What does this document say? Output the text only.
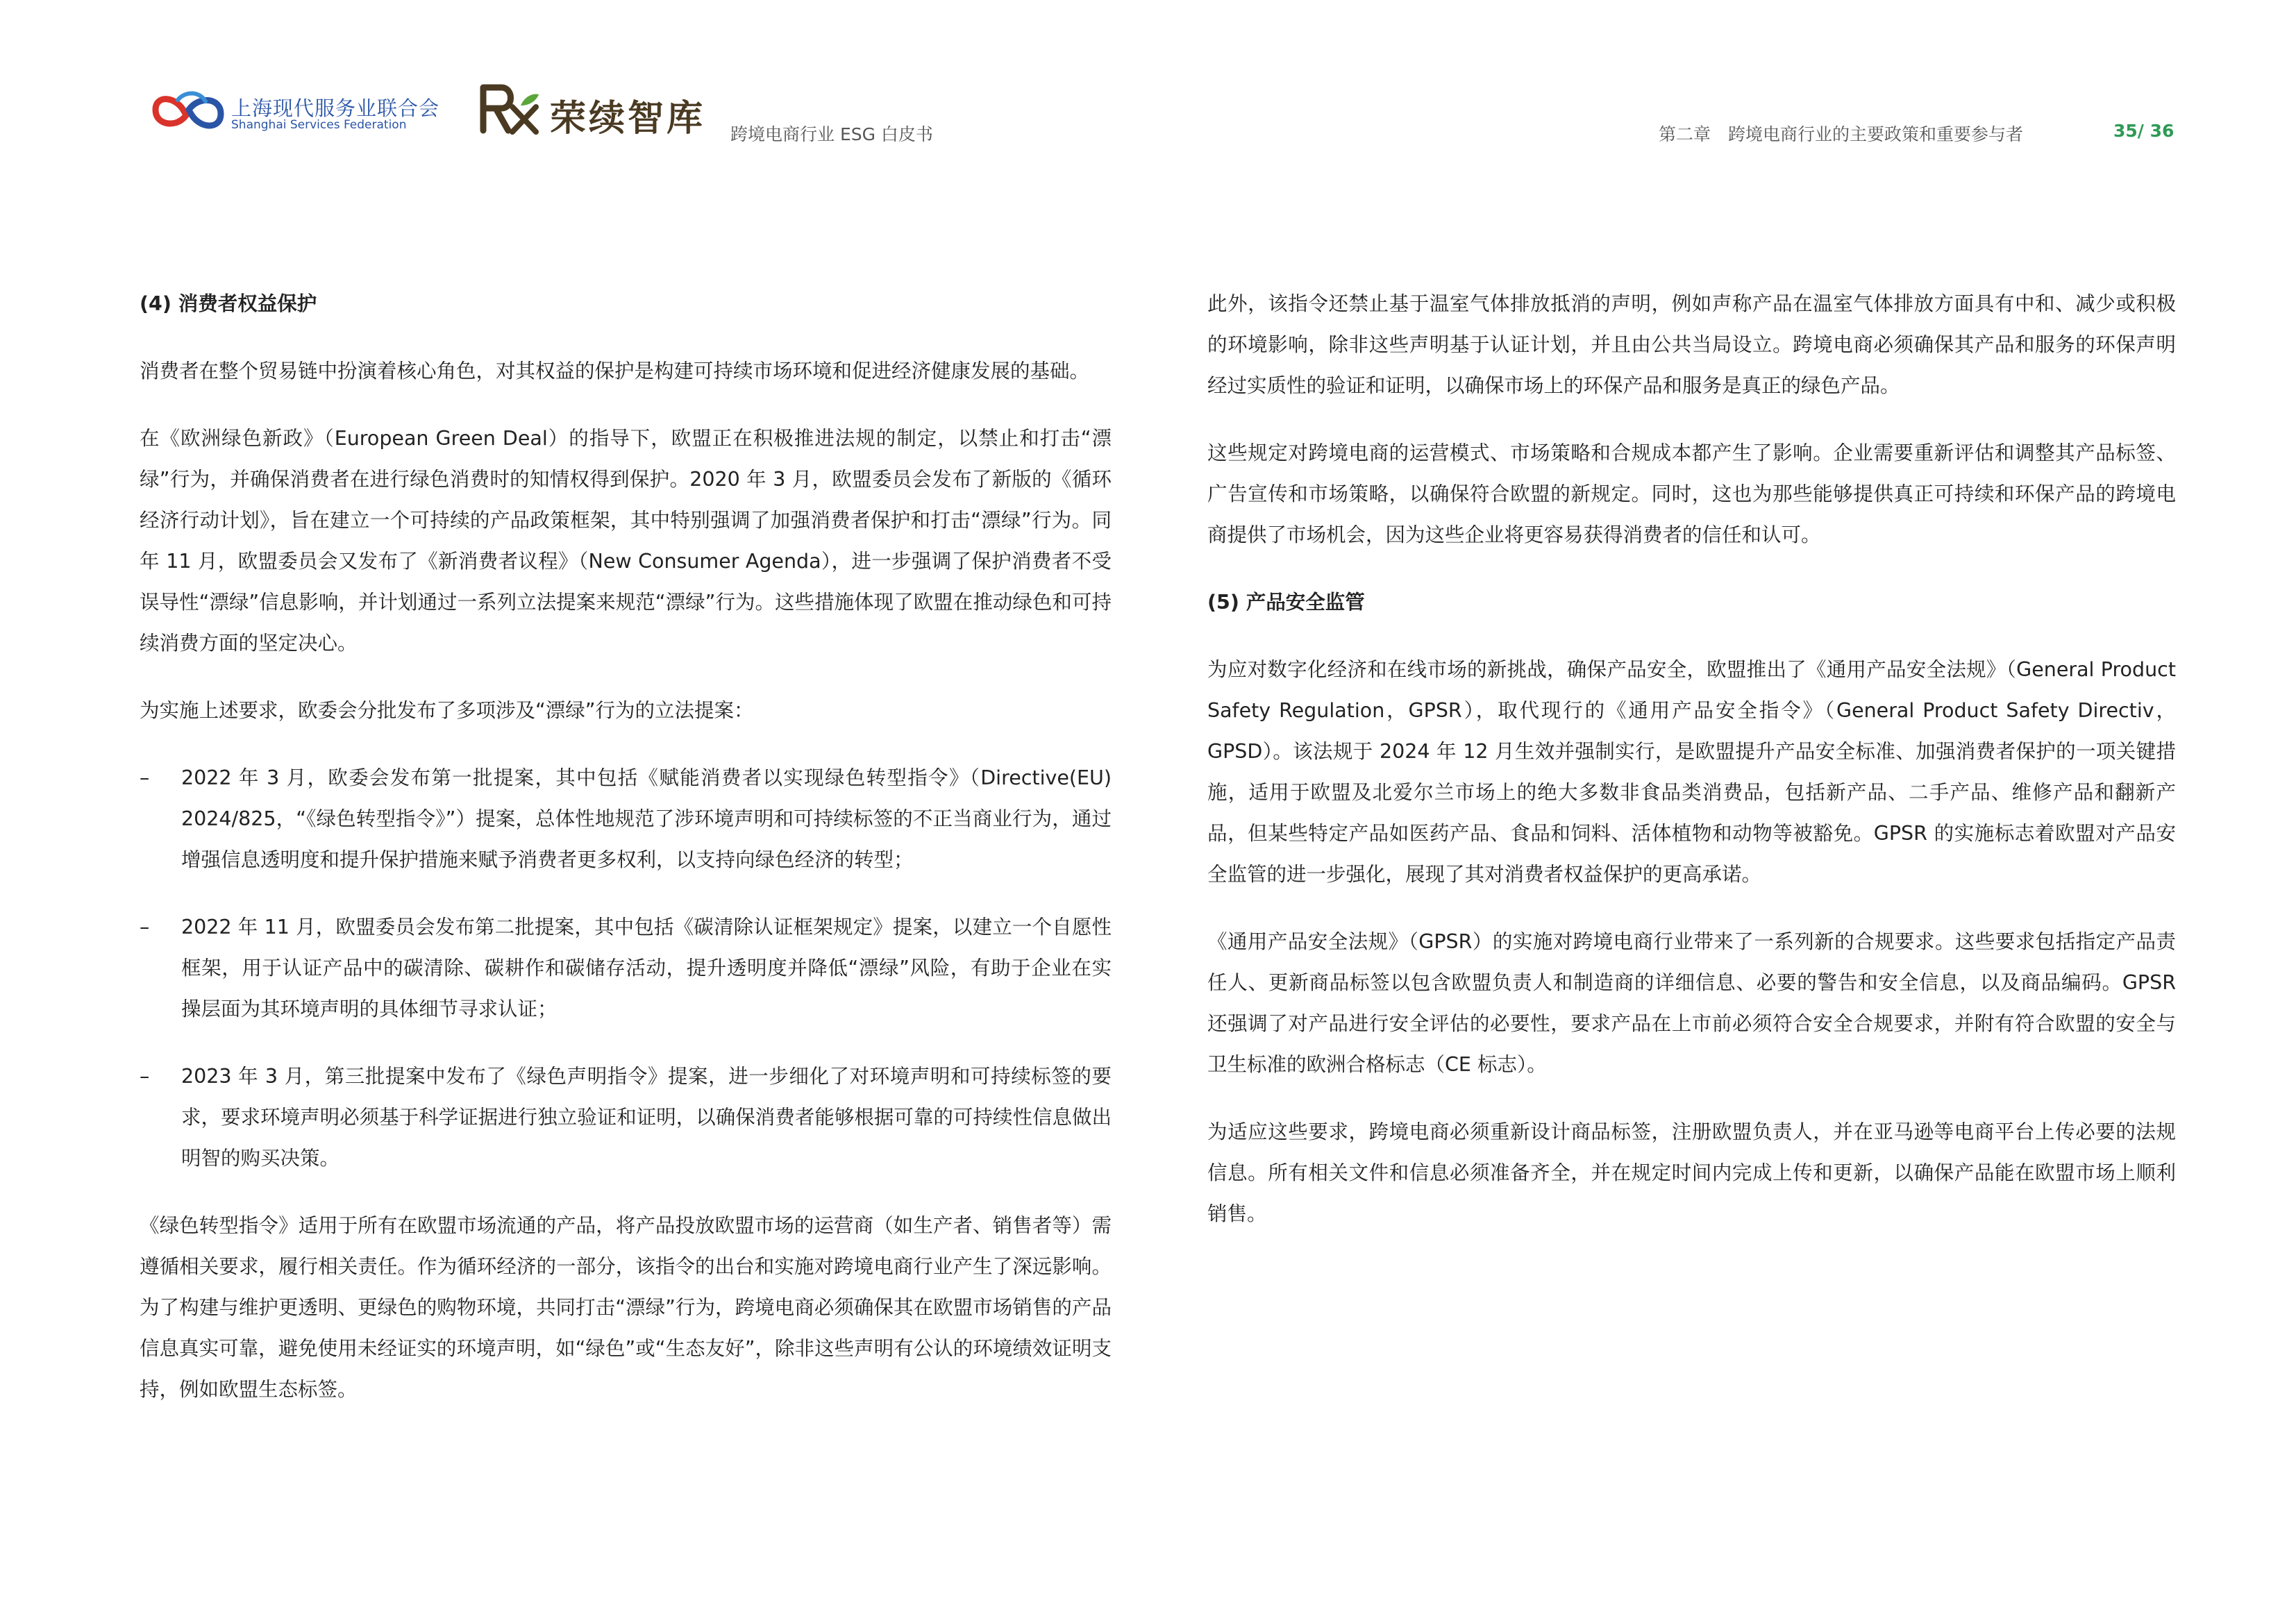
上海现代服务业联合会
Shanghai Services Federation	荣续智库 跨境电商行业 ESG 白皮书	第二章　跨境电商行业的主要政策和重要参与者	35/ 36
(4) 消费者权益保护

消费者在整个贸易链中扮演着核心角色，对其权益的保护是构建可持续市场环境和促进经济健康发展的基础。

在《欧洲绿色新政》（European Green Deal）的指导下，欧盟正在积极推进法规的制定，以禁止和打击“漂绿”行为，并确保消费者在进行绿色消费时的知情权得到保护。2020 年 3 月，欧盟委员会发布了新版的《循环经济行动计划》，旨在建立一个可持续的产品政策框架，其中特别强调了加强消费者保护和打击“漂绿”行为。同年 11 月，欧盟委员会又发布了《新消费者议程》（New Consumer Agenda），进一步强调了保护消费者不受误导性“漂绿”信息影响，并计划通过一系列立法提案来规范“漂绿”行为。这些措施体现了欧盟在推动绿色和可持续消费方面的坚定决心。

为实施上述要求，欧委会分批发布了多项涉及“漂绿”行为的立法提案：

– 2022 年 3 月，欧委会发布第一批提案，其中包括《赋能消费者以实现绿色转型指令》（Directive(EU) 2024/825，“《绿色转型指令》”）提案，总体性地规范了涉环境声明和可持续标签的不正当商业行为，通过增强信息透明度和提升保护措施来赋予消费者更多权利，以支持向绿色经济的转型；
– 2022 年 11 月，欧盟委员会发布第二批提案，其中包括《碳清除认证框架规定》提案，以建立一个自愿性框架，用于认证产品中的碳清除、碳耕作和碳储存活动，提升透明度并降低“漂绿”风险，有助于企业在实操层面为其环境声明的具体细节寻求认证；
– 2023 年 3 月，第三批提案中发布了《绿色声明指令》提案，进一步细化了对环境声明和可持续标签的要求，要求环境声明必须基于科学证据进行独立验证和证明，以确保消费者能够根据可靠的可持续性信息做出明智的购买决策。

《绿色转型指令》适用于所有在欧盟市场流通的产品，将产品投放欧盟市场的运营商（如生产者、销售者等）需遵循相关要求，履行相关责任。作为循环经济的一部分，该指令的出台和实施对跨境电商行业产生了深远影响。为了构建与维护更透明、更绿色的购物环境，共同打击“漂绿”行为，跨境电商必须确保其在欧盟市场销售的产品信息真实可靠，避免使用未经证实的环境声明，如“绿色”或“生态友好”，除非这些声明有公认的环境绩效证明支持，例如欧盟生态标签。

此外，该指令还禁止基于温室气体排放抵消的声明，例如声称产品在温室气体排放方面具有中和、减少或积极的环境影响，除非这些声明基于认证计划，并且由公共当局设立。跨境电商必须确保其产品和服务的环保声明经过实质性的验证和证明，以确保市场上的环保产品和服务是真正的绿色产品。

这些规定对跨境电商的运营模式、市场策略和合规成本都产生了影响。企业需要重新评估和调整其产品标签、广告宣传和市场策略，以确保符合欧盟的新规定。同时，这也为那些能够提供真正可持续和环保产品的跨境电商提供了市场机会，因为这些企业将更容易获得消费者的信任和认可。

(5) 产品安全监管

为应对数字化经济和在线市场的新挑战，确保产品安全，欧盟推出了《通用产品安全法规》（General Product Safety Regulation，GPSR），取代现行的《通用产品安全指令》（General Product Safety Directiv，GPSD）。该法规于 2024 年 12 月生效并强制实行，是欧盟提升产品安全标准、加强消费者保护的一项关键措施，适用于欧盟及北爱尔兰市场上的绝大多数非食品类消费品，包括新产品、二手产品、维修产品和翻新产品，但某些特定产品如医药产品、食品和饲料、活体植物和动物等被豁免。GPSR 的实施标志着欧盟对产品安全监管的进一步强化，展现了其对消费者权益保护的更高承诺。

《通用产品安全法规》（GPSR）的实施对跨境电商行业带来了一系列新的合规要求。这些要求包括指定产品责任人、更新商品标签以包含欧盟负责人和制造商的详细信息、必要的警告和安全信息，以及商品编码。GPSR 还强调了对产品进行安全评估的必要性，要求产品在上市前必须符合安全合规要求，并附有符合欧盟的安全与卫生标准的欧洲合格标志（CE 标志）。

为适应这些要求，跨境电商必须重新设计商品标签，注册欧盟负责人，并在亚马逊等电商平台上传必要的法规信息。所有相关文件和信息必须准备齐全，并在规定时间内完成上传和更新，以确保产品能在欧盟市场上顺利销售。
